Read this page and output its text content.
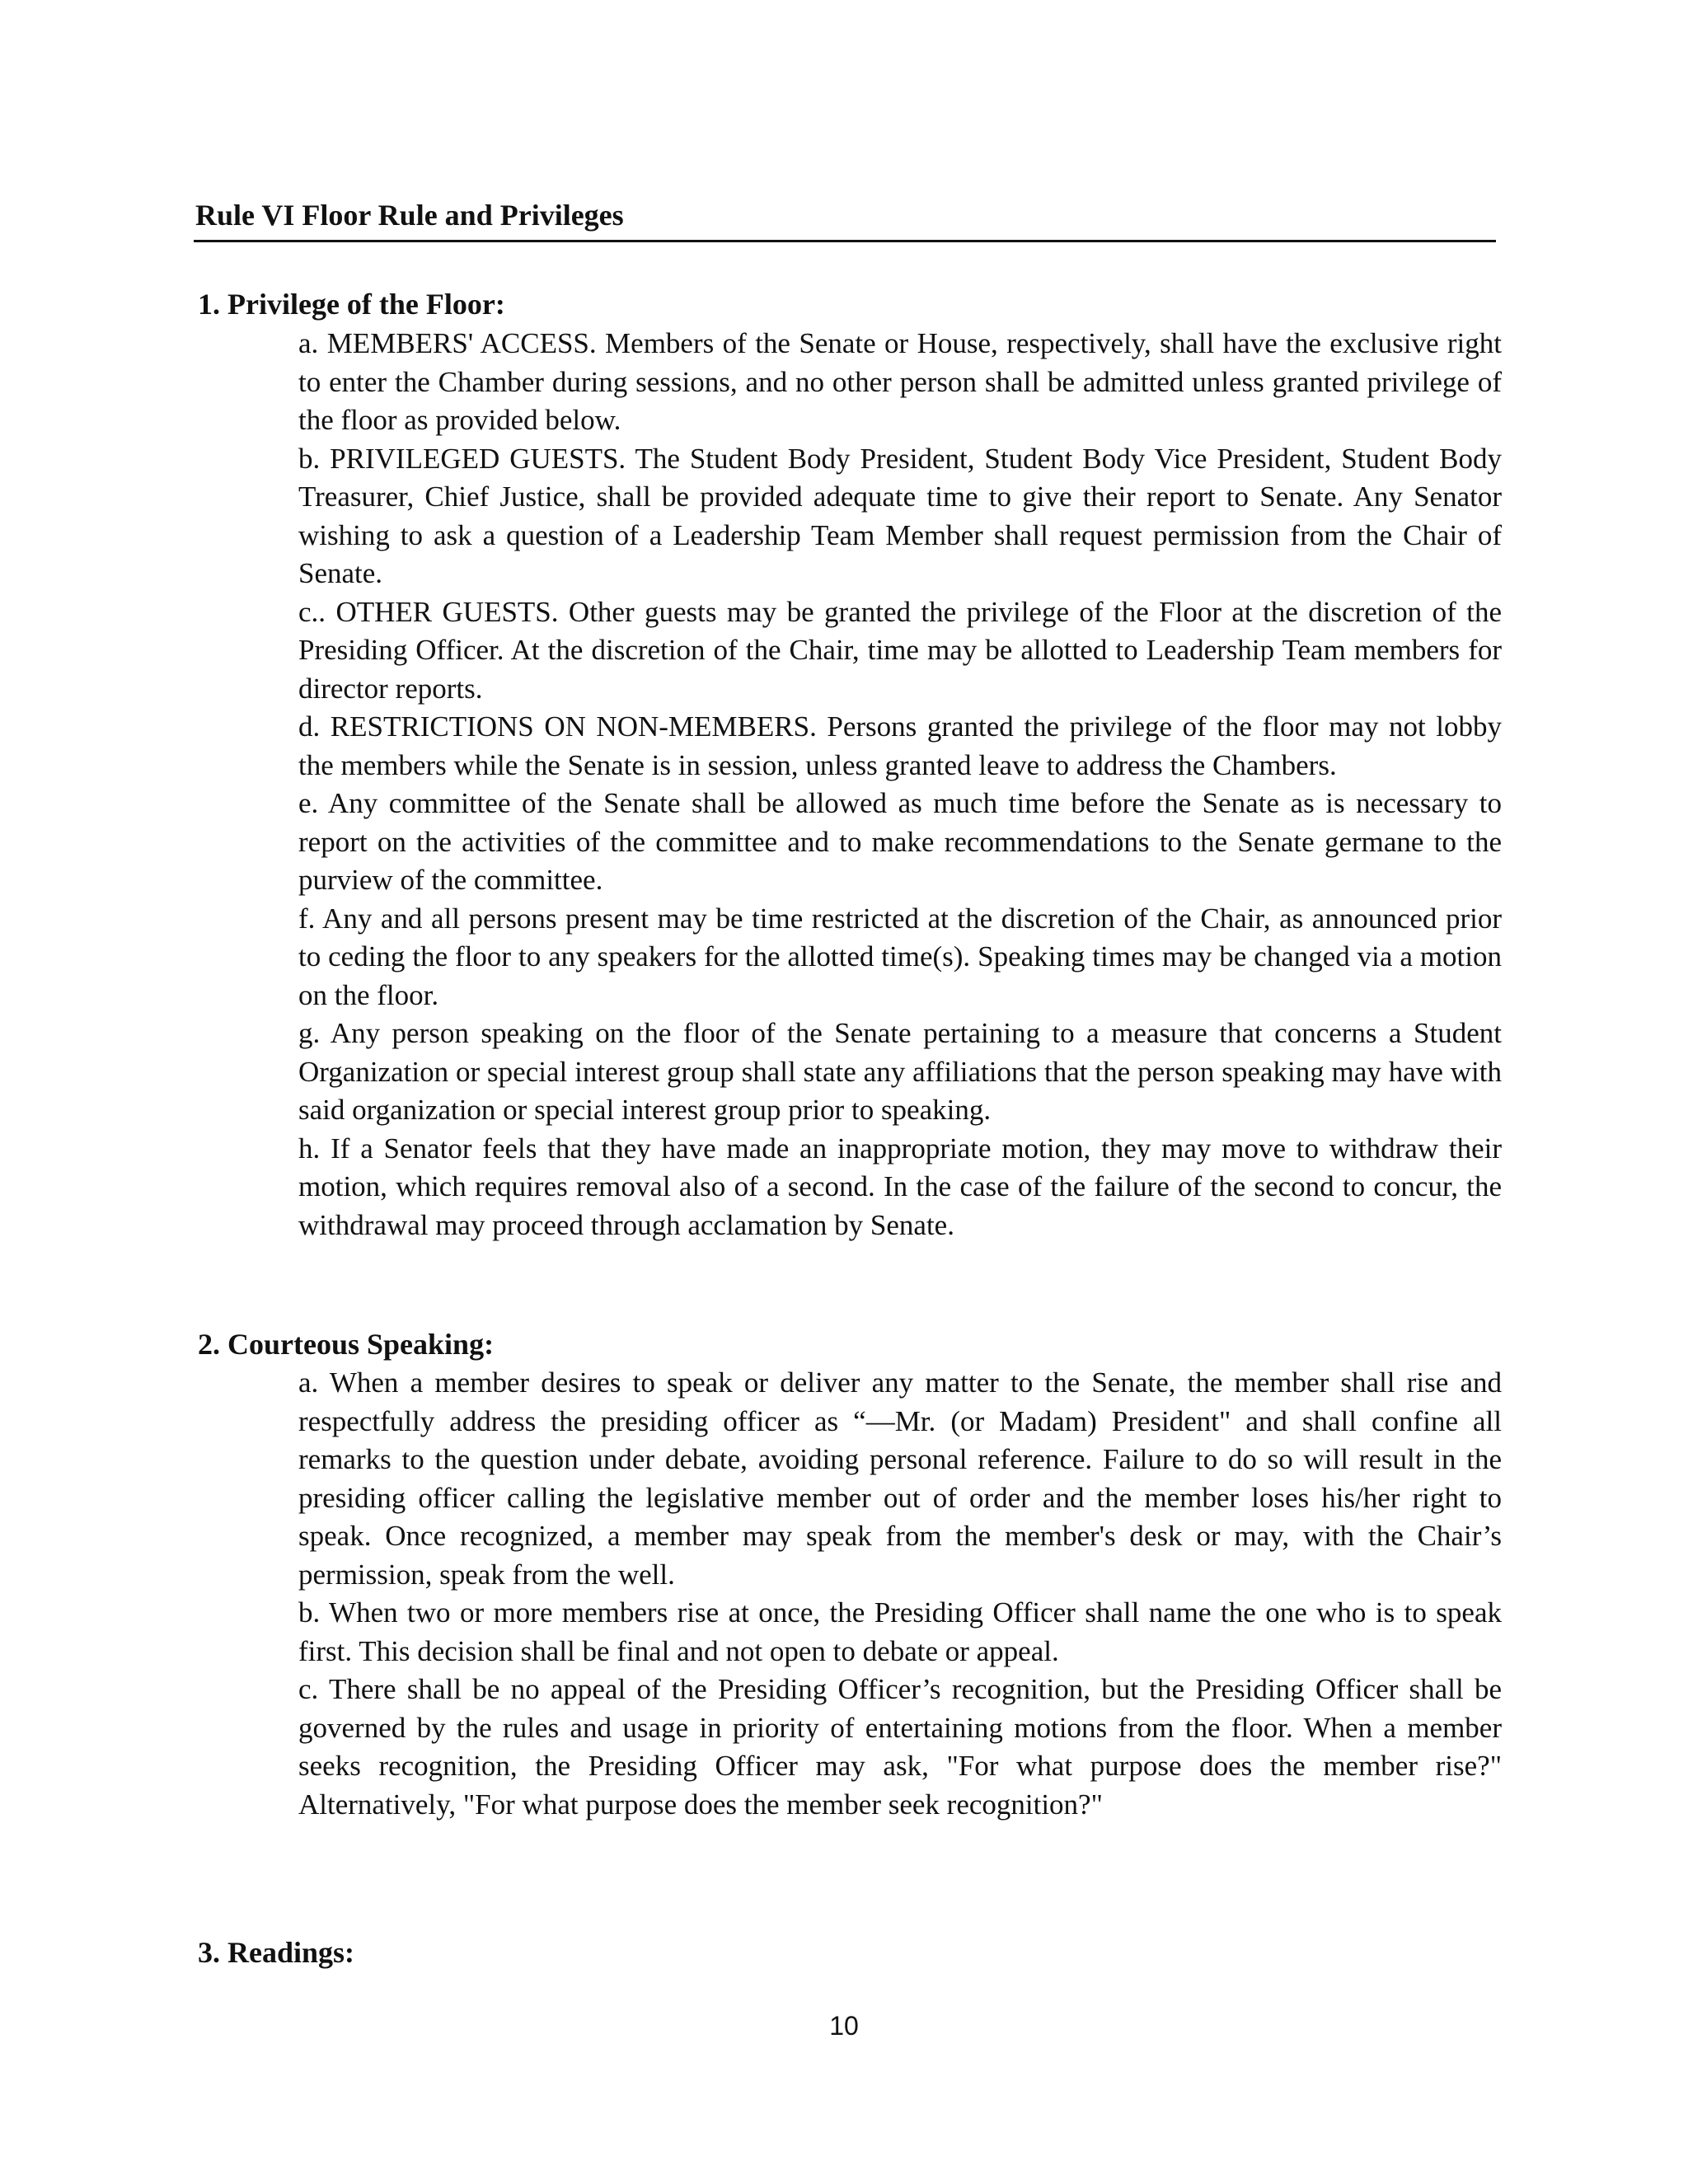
Rule VI Floor Rule and Privileges
1. Privilege of the Floor:

a. MEMBERS' ACCESS. Members of the Senate or House, respectively, shall have the exclusive right to enter the Chamber during sessions, and no other person shall be admitted unless granted privilege of the floor as provided below.

b. PRIVILEGED GUESTS. The Student Body President, Student Body Vice President, Student Body Treasurer, Chief Justice, shall be provided adequate time to give their report to Senate. Any Senator wishing to ask a question of a Leadership Team Member shall request permission from the Chair of Senate.

c.. OTHER GUESTS. Other guests may be granted the privilege of the Floor at the discretion of the Presiding Officer. At the discretion of the Chair, time may be allotted to Leadership Team members for director reports.

d. RESTRICTIONS ON NON-MEMBERS. Persons granted the privilege of the floor may not lobby the members while the Senate is in session, unless granted leave to address the Chambers.

e. Any committee of the Senate shall be allowed as much time before the Senate as is necessary to report on the activities of the committee and to make recommendations to the Senate germane to the purview of the committee.

f. Any and all persons present may be time restricted at the discretion of the Chair, as announced prior to ceding the floor to any speakers for the allotted time(s). Speaking times may be changed via a motion on the floor.

g. Any person speaking on the floor of the Senate pertaining to a measure that concerns a Student Organization or special interest group shall state any affiliations that the person speaking may have with said organization or special interest group prior to speaking.

h. If a Senator feels that they have made an inappropriate motion, they may move to withdraw their motion, which requires removal also of a second. In the case of the failure of the second to concur, the withdrawal may proceed through acclamation by Senate.

2. Courteous Speaking:

a. When a member desires to speak or deliver any matter to the Senate, the member shall rise and respectfully address the presiding officer as “―Mr. (or Madam) President" and shall confine all remarks to the question under debate, avoiding personal reference. Failure to do so will result in the presiding officer calling the legislative member out of order and the member loses his/her right to speak. Once recognized, a member may speak from the member's desk or may, with the Chair’s permission, speak from the well.

b. When two or more members rise at once, the Presiding Officer shall name the one who is to speak first. This decision shall be final and not open to debate or appeal.

c. There shall be no appeal of the Presiding Officer’s recognition, but the Presiding Officer shall be governed by the rules and usage in priority of entertaining motions from the floor. When a member seeks recognition, the Presiding Officer may ask, "For what purpose does the member rise?" Alternatively, "For what purpose does the member seek recognition?"

3. Readings:
10
